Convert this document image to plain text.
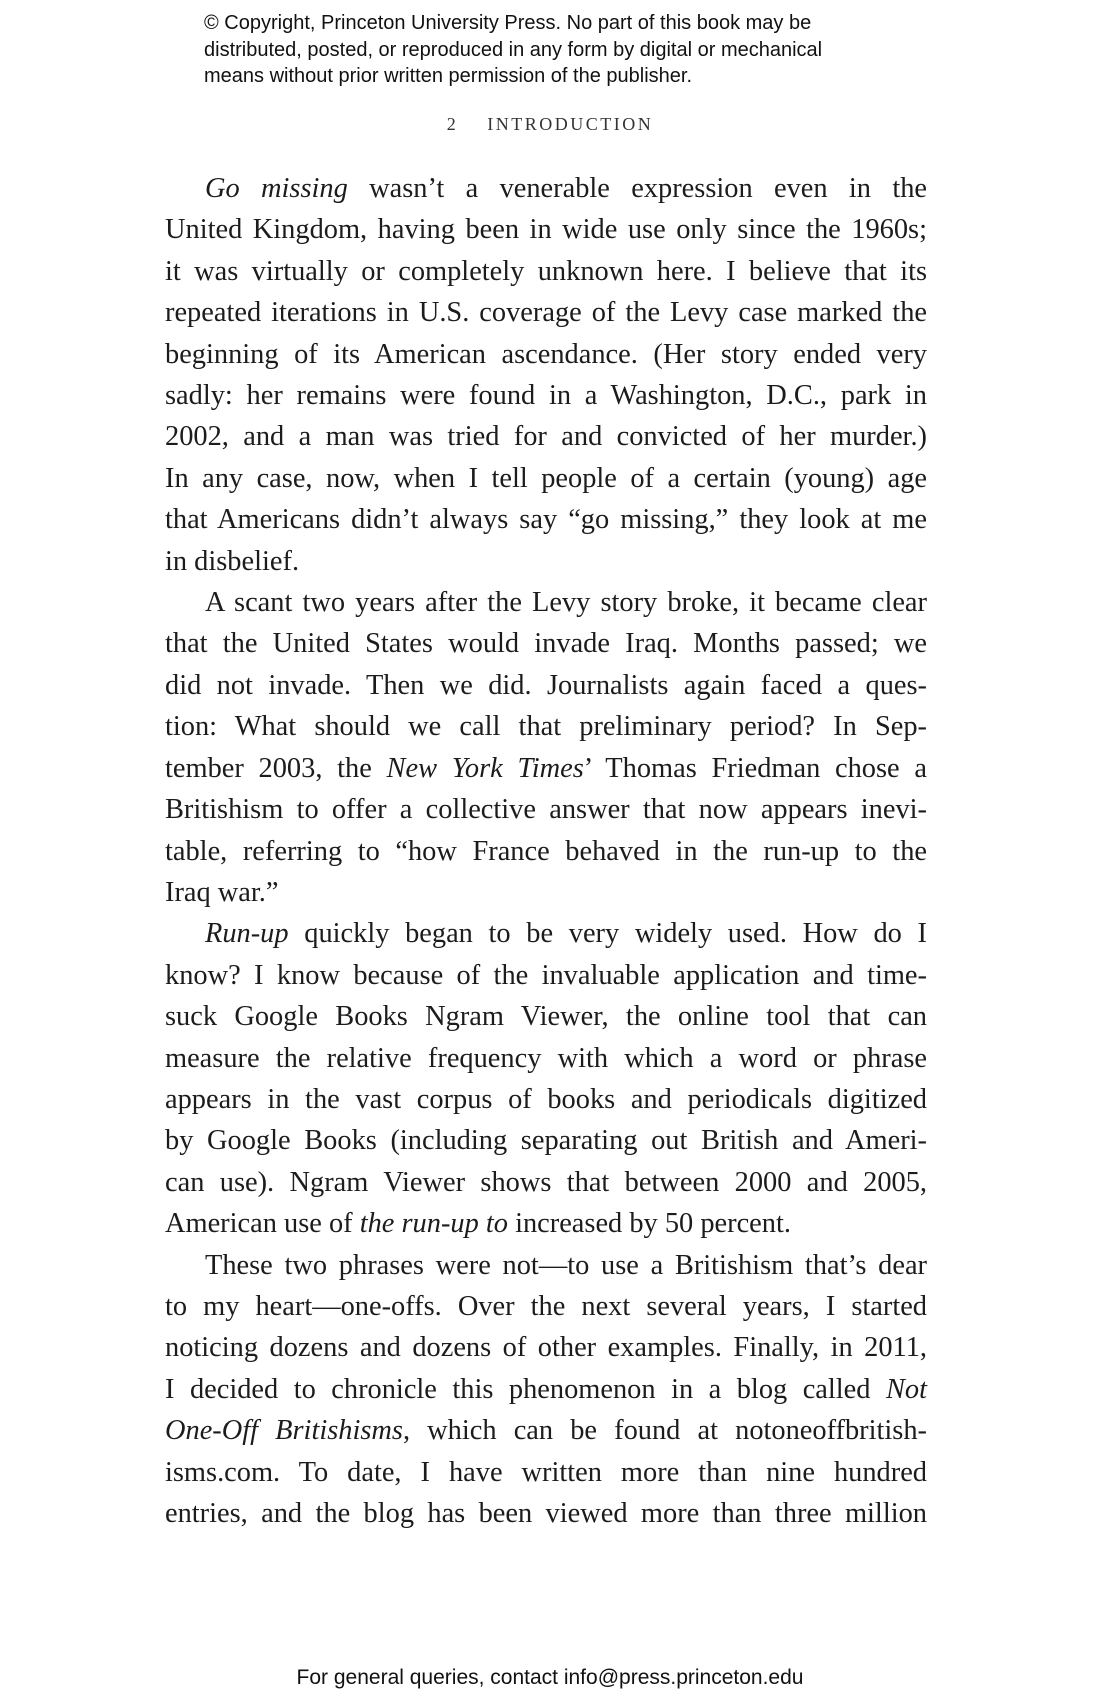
© Copyright, Princeton University Press. No part of this book may be
distributed, posted, or reproduced in any form by digital or mechanical
means without prior written permission of the publisher.
2 INTRODUCTION
Go missing wasn’t a venerable expression even in the
United Kingdom, having been in wide use only since the 1960s;
it was virtually or completely unknown here. I believe that its
repeated iterations in U.S. coverage of the Levy case marked the
beginning of its American ascendance. (Her story ended very
sadly: her remains were found in a Washington, D.C., park in
2002, and a man was tried for and convicted of her murder.)
In any case, now, when I tell people of a certain (young) age
that Americans didn’t always say “go missing,” they look at me
in disbelief.
A scant two years after the Levy story broke, it became clear
that the United States would invade Iraq. Months passed; we
did not invade. Then we did. Journalists again faced a ques-
tion: What should we call that preliminary period? In Sep-
tember 2003, the New York Times’ Thomas Friedman chose a
Britishism to offer a collective answer that now appears inevi-
table, referring to “how France behaved in the run-up to the
Iraq war.”
Run-up quickly began to be very widely used. How do I
know? I know because of the invaluable application and time-
suck Google Books Ngram Viewer, the online tool that can
measure the relative frequency with which a word or phrase
appears in the vast corpus of books and periodicals digitized
by Google Books (including separating out British and Ameri-
can use). Ngram Viewer shows that between 2000 and 2005,
American use of the run-up to increased by 50 percent.
These two phrases were not—to use a Britishism that’s dear
to my heart—one-offs. Over the next several years, I started
noticing dozens and dozens of other examples. Finally, in 2011,
I decided to chronicle this phenomenon in a blog called Not
One-Off Britishisms, which can be found at notoneoffbritish-
isms.com. To date, I have written more than nine hundred
entries, and the blog has been viewed more than three million
For general queries, contact info@press.princeton.edu
